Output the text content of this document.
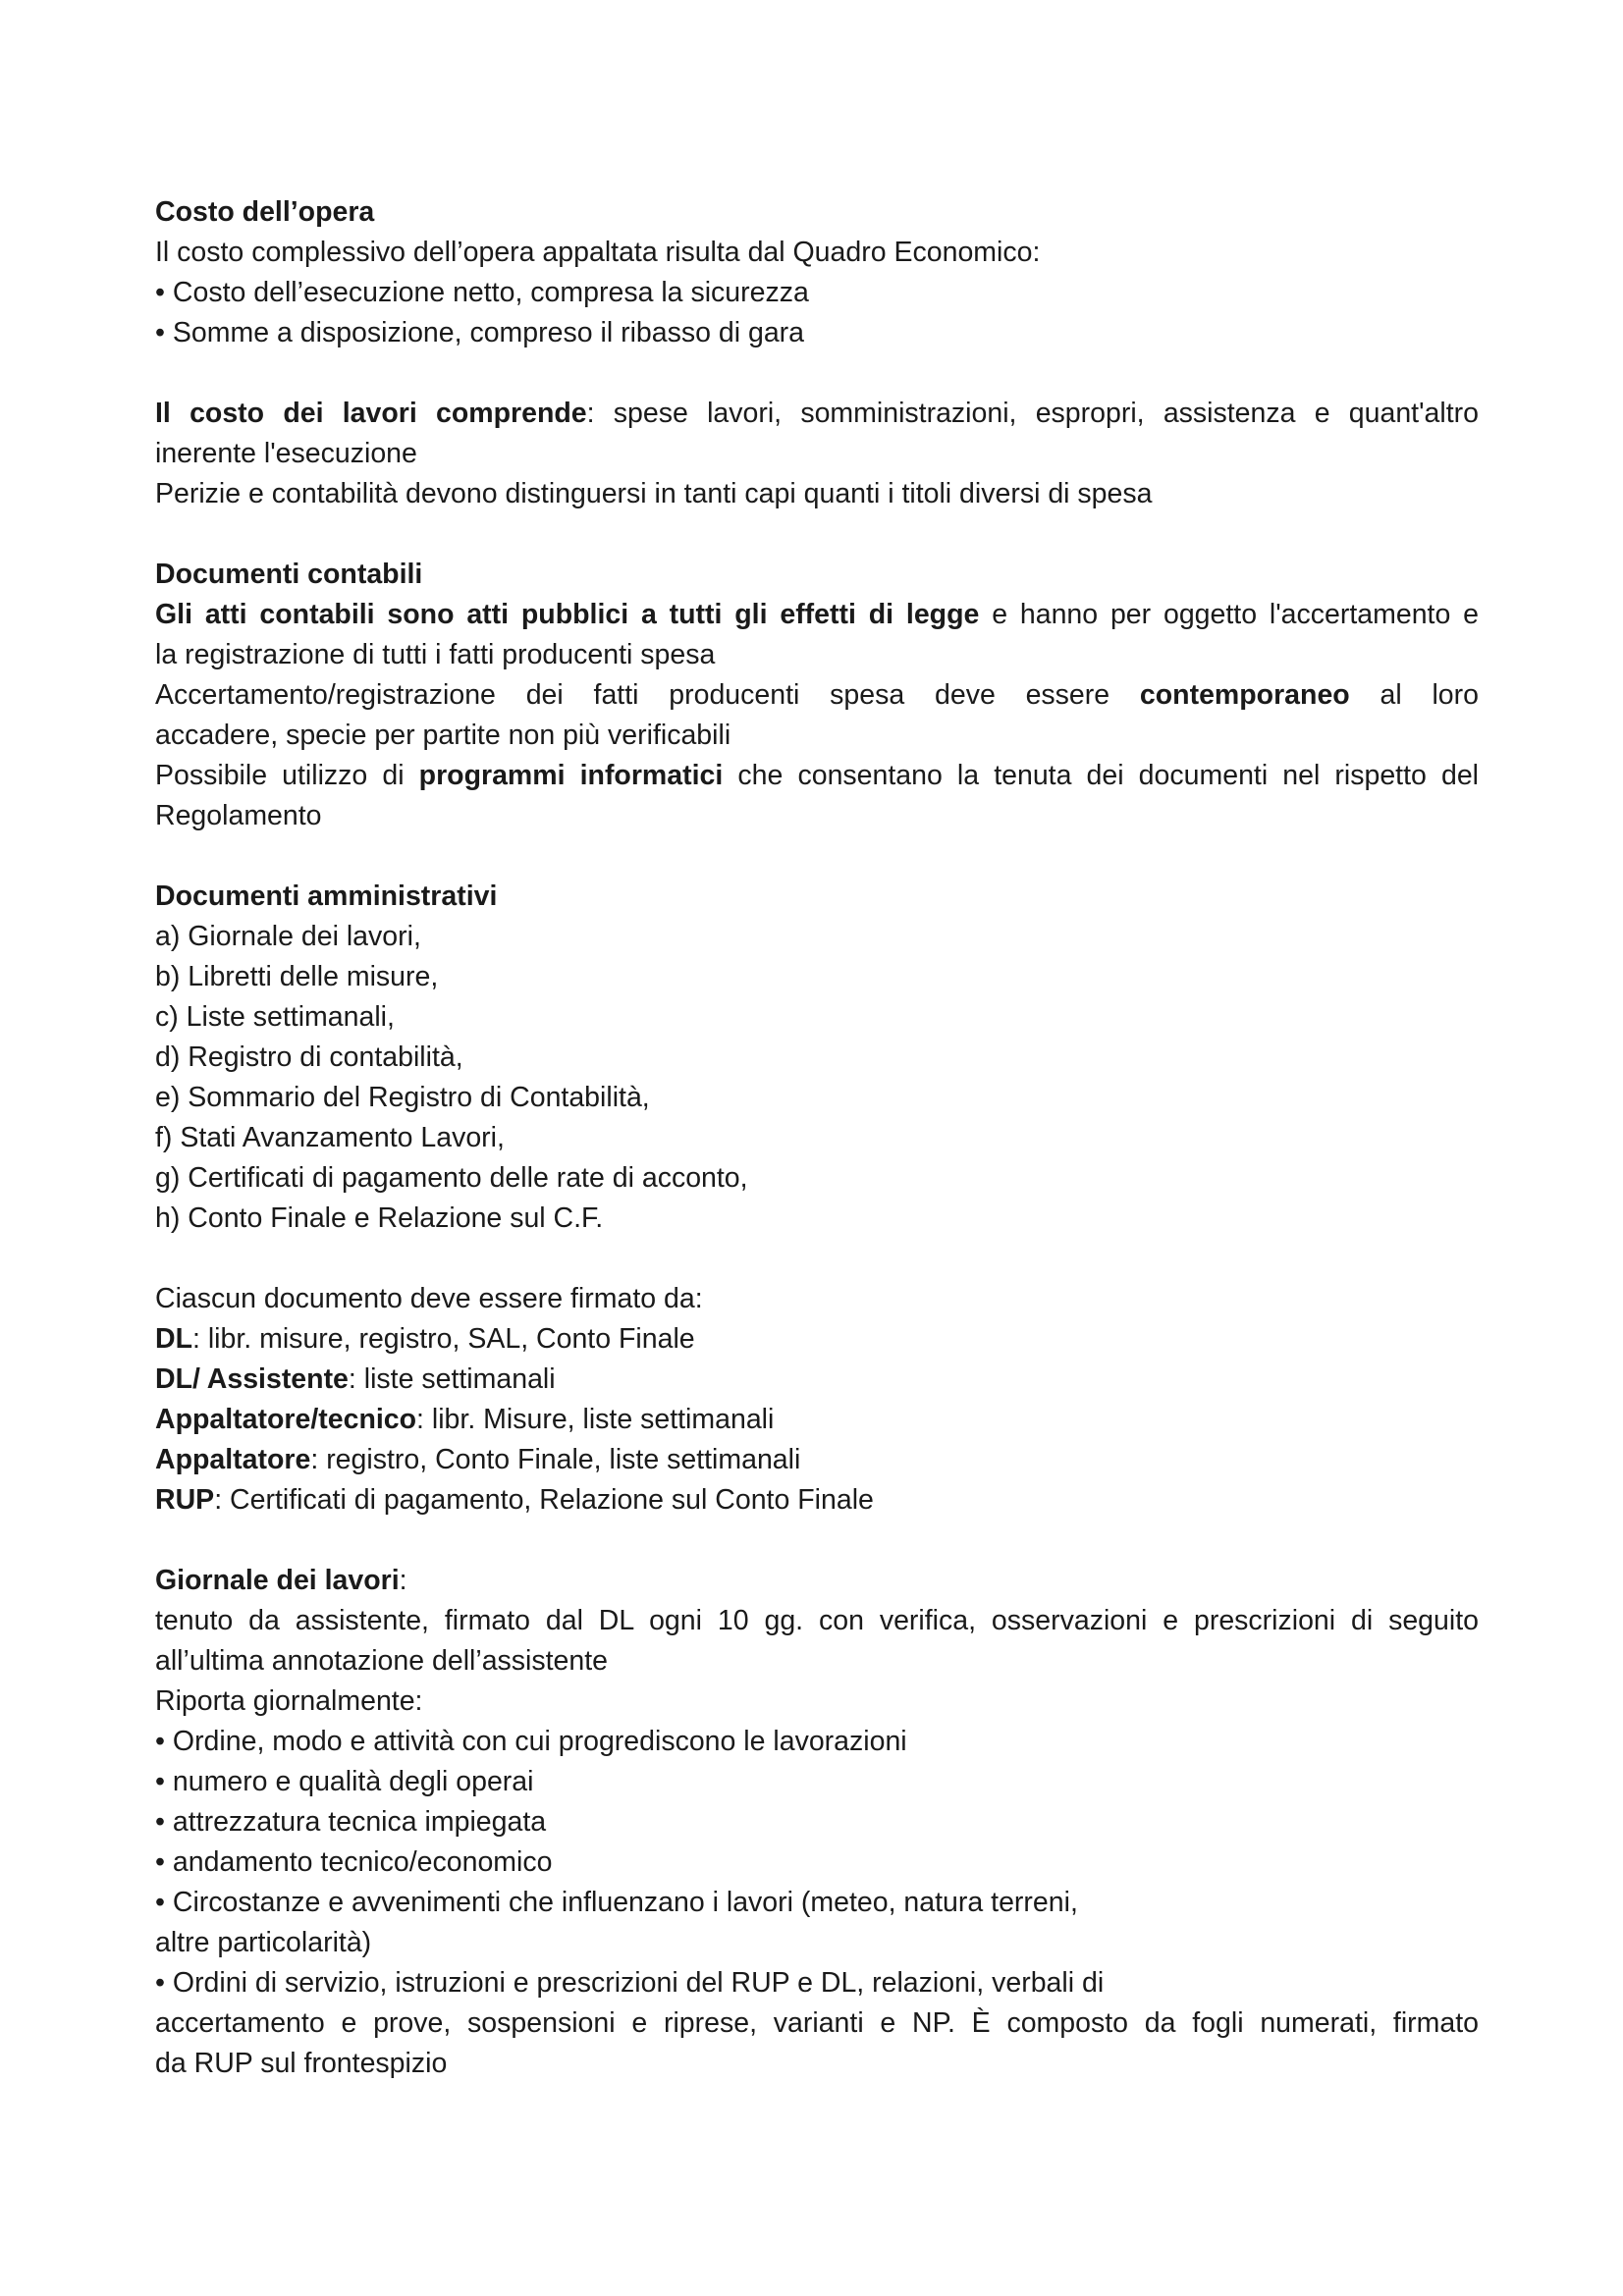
Costo dell’opera
Il costo complessivo dell’opera appaltata risulta dal Quadro Economico:
• Costo dell’esecuzione netto, compresa la sicurezza
• Somme a disposizione, compreso il ribasso di gara
Il costo dei lavori comprende: spese lavori, somministrazioni, espropri, assistenza e quant'altro
inerente l'esecuzione
Perizie e contabilità devono distinguersi in tanti capi quanti i titoli diversi di spesa
Documenti contabili
Gli atti contabili sono atti pubblici a tutti gli effetti di legge e hanno per oggetto l'accertamento e
la registrazione di tutti i fatti producenti spesa
Accertamento/registrazione dei fatti producenti spesa deve essere contemporaneo al loro
accadere, specie per partite non più verificabili
Possibile utilizzo di programmi informatici che consentano la tenuta dei documenti nel rispetto del
Regolamento
Documenti amministrativi
a) Giornale dei lavori,
b) Libretti delle misure,
c) Liste settimanali,
d) Registro di contabilità,
e) Sommario del Registro di Contabilità,
f) Stati Avanzamento Lavori,
g) Certificati di pagamento delle rate di acconto,
h) Conto Finale e Relazione sul C.F.
Ciascun documento deve essere firmato da:
DL: libr. misure, registro, SAL, Conto Finale
DL/ Assistente: liste settimanali
Appaltatore/tecnico: libr. Misure, liste settimanali
Appaltatore: registro, Conto Finale, liste settimanali
RUP: Certificati di pagamento, Relazione sul Conto Finale
Giornale dei lavori:
tenuto da assistente, firmato dal DL ogni 10 gg. con verifica, osservazioni e prescrizioni di seguito
all’ultima annotazione dell’assistente
Riporta giornalmente:
• Ordine, modo e attività con cui progrediscono le lavorazioni
• numero e qualità degli operai
• attrezzatura tecnica impiegata
• andamento tecnico/economico
• Circostanze e avvenimenti che influenzano i lavori (meteo, natura terreni,
altre particolarità)
• Ordini di servizio, istruzioni e prescrizioni del RUP e DL, relazioni, verbali di
accertamento e prove, sospensioni e riprese, varianti e NP. È composto da fogli numerati, firmato
da RUP sul frontespizio
